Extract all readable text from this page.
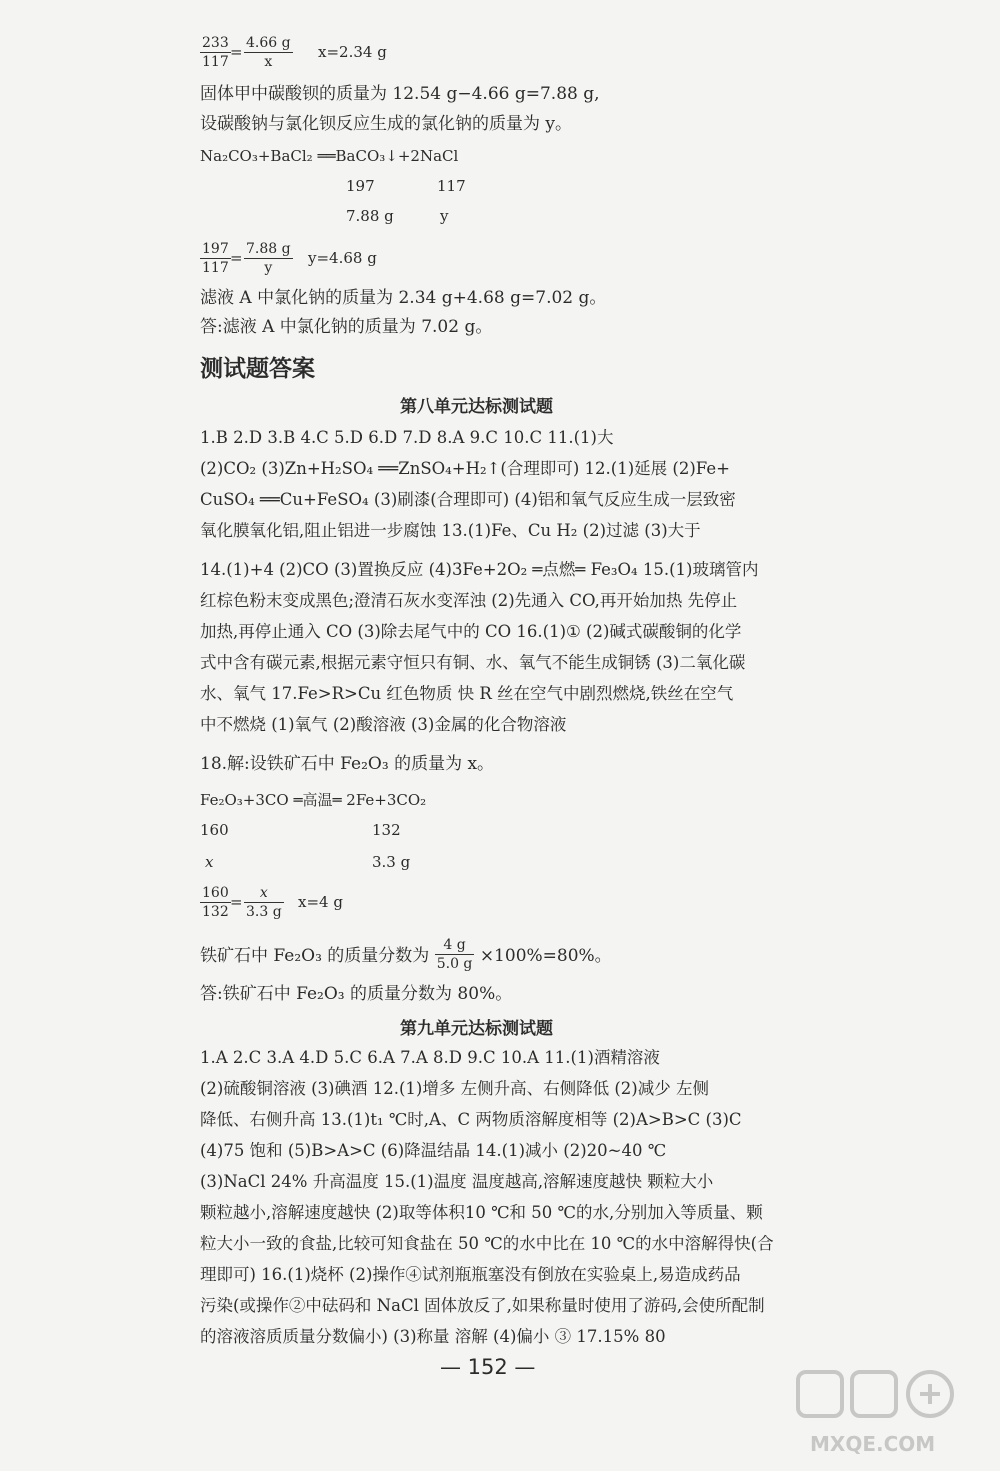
$\frac{233}{117} = \frac{4.66 g}{x} x=2.34$ g
固体甲中碳酸钡的质量为 12.54 g−4.66 g=7.88 g,
设碳酸钠与氯化钡反应生成的氯化钠的质量为 y。
Na₂CO₃+BaCl₂ ══BaCO₃↓+2NaCl
197	117
7.88 g	y
$\frac{197}{117} = \frac{7.88 g}{y} y=4.68$ g
滤液 A 中氯化钠的质量为 2.34 g+4.68 g=7.02 g。
答:滤液 A 中氯化钠的质量为 7.02 g。
测试题答案
第八单元达标测试题

1.B 2.D 3.B 4.C 5.D 6.D 7.D 8.A 9.C 10.C 11.(1)大

(2)CO₂ (3)Zn+H₂SO₄ ══ZnSO₄+H₂↑(合理即可) 12.(1)延展 (2)Fe+

CuSO₄ ══Cu+FeSO₄ (3)刷漆(合理即可) (4)铝和氧气反应生成一层致密

氧化膜氧化铝,阻止铝进一步腐蚀 13.(1)Fe、Cu H₂ (2)过滤 (3)大于

14.(1)+4 (2)CO (3)置换反应 (4)3Fe+2O₂ ═点燃═ Fe₃O₄ 15.(1)玻璃管内

红棕色粉末变成黑色;澄清石灰水变浑浊 (2)先通入 CO,再开始加热 先停止

加热,再停止通入 CO (3)除去尾气中的 CO 16.(1)① (2)碱式碳酸铜的化学

式中含有碳元素,根据元素守恒只有铜、水、氧气不能生成铜锈 (3)二氧化碳

水、氧气 17.Fe>R>Cu 红色物质 快 R 丝在空气中剧烈燃烧,铁丝在空气

中不燃烧 (1)氧气 (2)酸溶液 (3)金属的化合物溶液

18.解:设铁矿石中 Fe₂O₃ 的质量为 x。
Fe₂O₃+3CO ═高温═ 2Fe+3CO₂
160	132
x	3.3 g
$\frac{160}{132} = \frac{x}{3.3 g} x=4$ g
铁矿石中 Fe₂O₃ 的质量分数为 $\frac{4 g}{5.0 g} \times 100\%=80\%$。
答:铁矿石中 Fe₂O₃ 的质量分数为 80%。
第九单元达标测试题

1.A 2.C 3.A 4.D 5.C 6.A 7.A 8.D 9.C 10.A 11.(1)酒精溶液

(2)硫酸铜溶液 (3)碘酒 12.(1)增多 左侧升高、右侧降低 (2)减少 左侧

降低、右侧升高 13.(1)t₁ ℃时,A、C 两物质溶解度相等 (2)A>B>C (3)C

(4)75 饱和 (5)B>A>C (6)降温结晶 14.(1)减小 (2)20~40 ℃

(3)NaCl 24% 升高温度 15.(1)温度 温度越高,溶解速度越快 颗粒大小

颗粒越小,溶解速度越快 (2)取等体积10 ℃和 50 ℃的水,分别加入等质量、颗

粒大小一致的食盐,比较可知食盐在 50 ℃的水中比在 10 ℃的水中溶解得快(合

理即可) 16.(1)烧杯 (2)操作④试剂瓶瓶塞没有倒放在实验桌上,易造成药品

污染(或操作②中砝码和 NaCl 固体放反了,如果称量时使用了游码,会使所配制

的溶液溶质质量分数偏小) (3)称量 溶解 (4)偏小 ③ 17.15% 80

— 152 —
MXQE.COM
